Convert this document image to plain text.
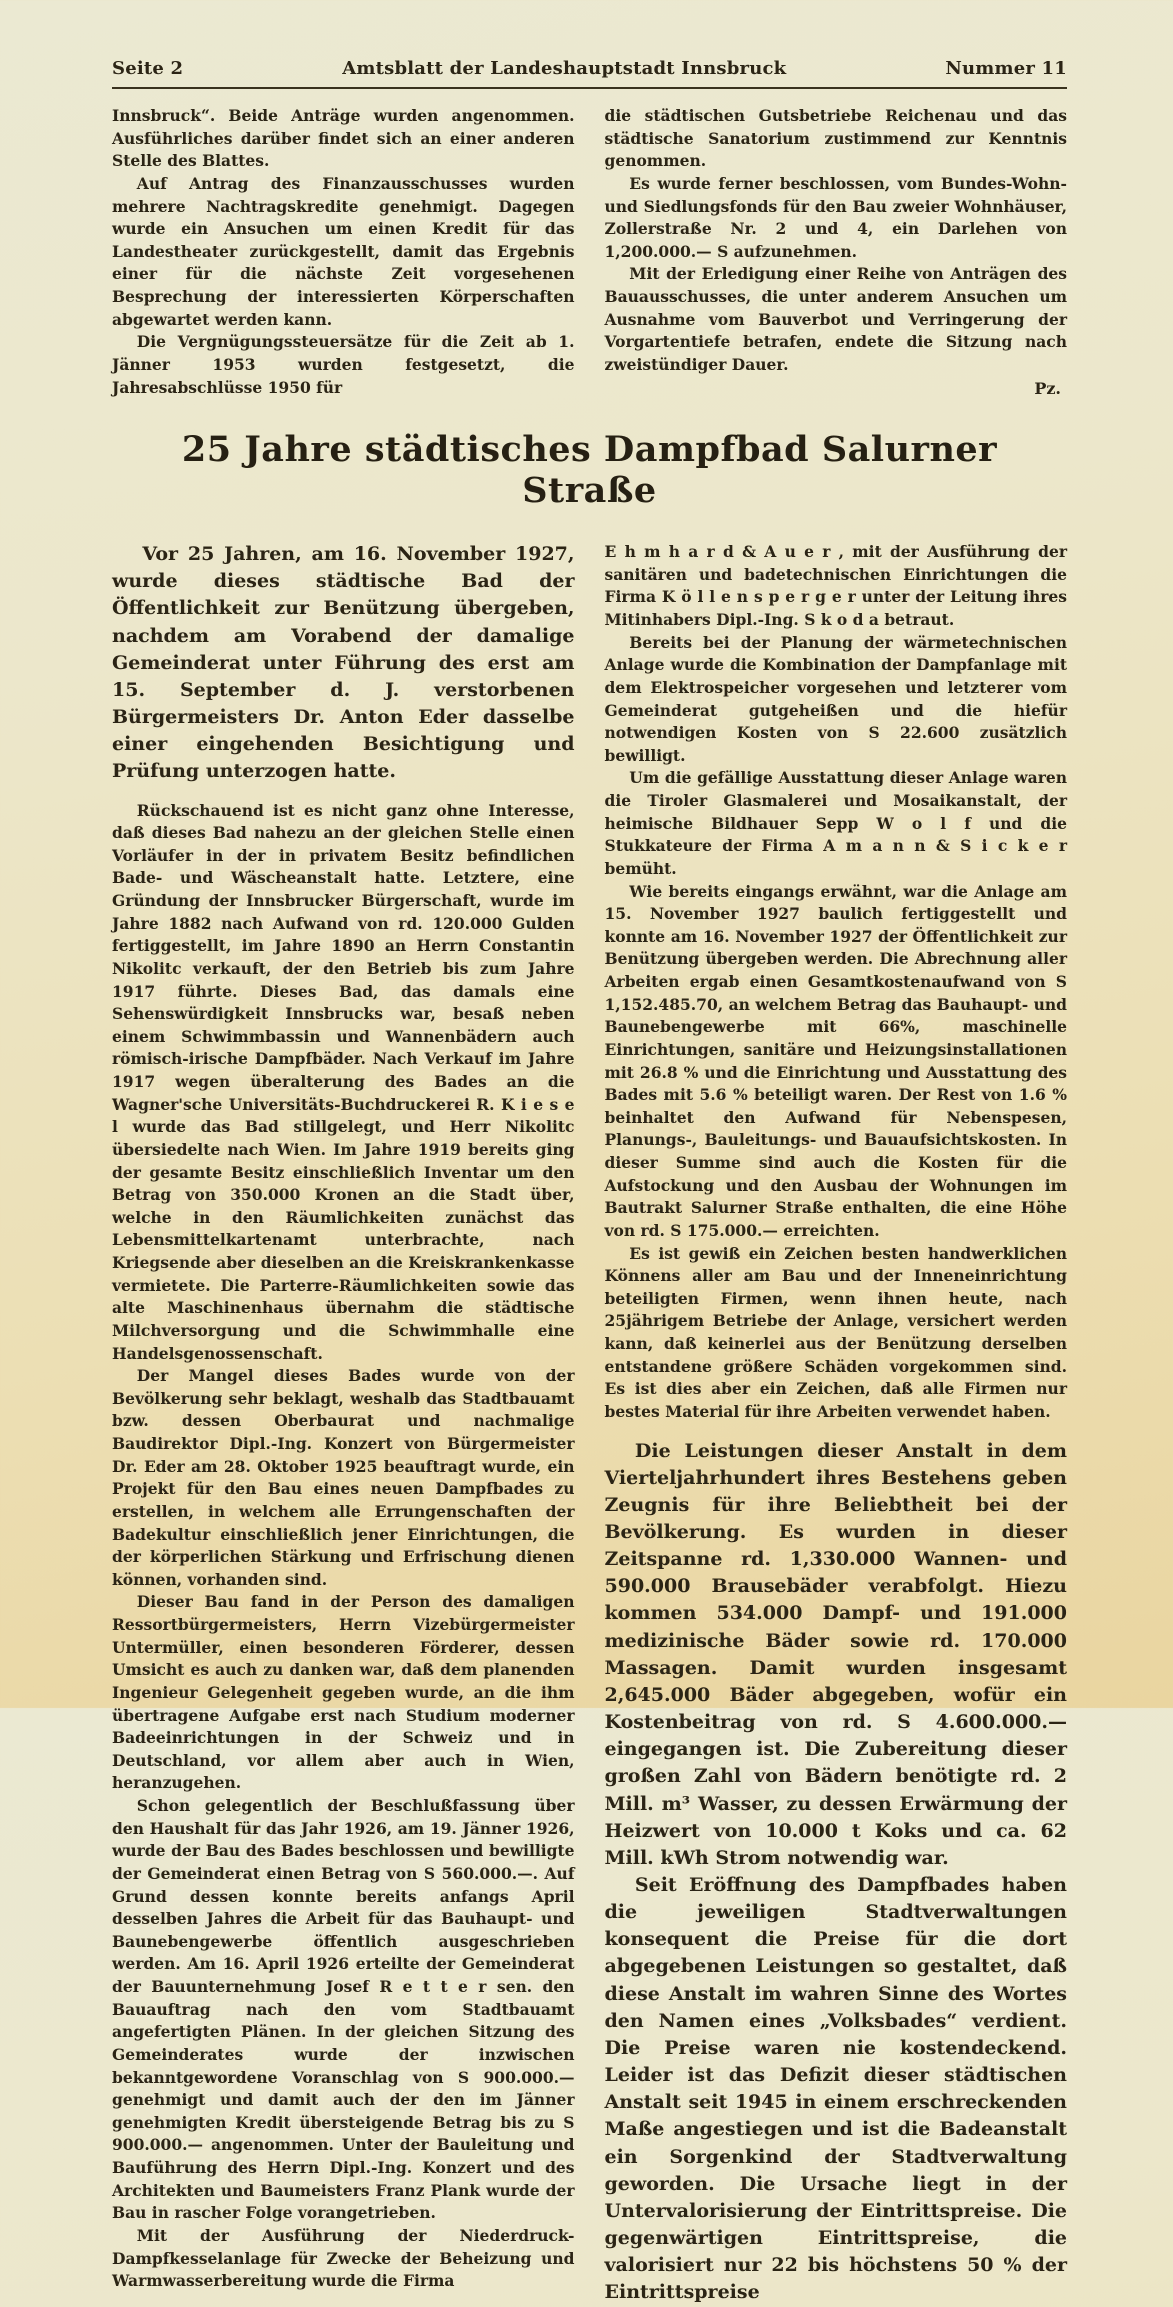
Seite 2	Amtsblatt der Landeshauptstadt Innsbruck	Nummer 11

Innsbruck“. Beide Anträge wurden angenommen. Ausführliches darüber findet sich an einer anderen Stelle des Blattes.

Auf Antrag des Finanzausschusses wurden mehrere Nachtragskredite genehmigt. Dagegen wurde ein Ansuchen um einen Kredit für das Landestheater zurückgestellt, damit das Ergebnis einer für die nächste Zeit vorgesehenen Besprechung der interessierten Körperschaften abgewartet werden kann.

Die Vergnügungssteuersätze für die Zeit ab 1. Jänner 1953 wurden festgesetzt, die Jahresabschlüsse 1950 für

die städtischen Gutsbetriebe Reichenau und das städtische Sanatorium zustimmend zur Kenntnis genommen.

Es wurde ferner beschlossen, vom Bundes-Wohn- und Siedlungsfonds für den Bau zweier Wohnhäuser, Zollerstraße Nr. 2 und 4, ein Darlehen von 1,200.000.— S aufzunehmen.

Mit der Erledigung einer Reihe von Anträgen des Bauausschusses, die unter anderem Ansuchen um Ausnahme vom Bauverbot und Verringerung der Vorgartentiefe betrafen, endete die Sitzung nach zweistündiger Dauer.

Pz.
25 Jahre städtisches Dampfbad Salurner Straße

Vor 25 Jahren, am 16. November 1927, wurde dieses städtische Bad der Öffentlichkeit zur Benützung übergeben, nachdem am Vorabend der damalige Gemeinderat unter Führung des erst am 15. September d. J. verstorbenen Bürgermeisters Dr. Anton Eder dasselbe einer eingehenden Besichtigung und Prüfung unterzogen hatte.

Rückschauend ist es nicht ganz ohne Interesse, daß dieses Bad nahezu an der gleichen Stelle einen Vorläufer in der in privatem Besitz befindlichen Bade- und Wäscheanstalt hatte. Letztere, eine Gründung der Innsbrucker Bürgerschaft, wurde im Jahre 1882 nach Aufwand von rd. 120.000 Gulden fertiggestellt, im Jahre 1890 an Herrn Constantin Nikolitc verkauft, der den Betrieb bis zum Jahre 1917 führte. Dieses Bad, das damals eine Sehenswürdigkeit Innsbrucks war, besaß neben einem Schwimmbassin und Wannenbädern auch römisch-irische Dampfbäder. Nach Verkauf im Jahre 1917 wegen überalterung des Bades an die Wagner'sche Universitäts-Buchdruckerei R. K i e s e l wurde das Bad stillgelegt, und Herr Nikolitc übersiedelte nach Wien. Im Jahre 1919 bereits ging der gesamte Besitz einschließlich Inventar um den Betrag von 350.000 Kronen an die Stadt über, welche in den Räumlichkeiten zunächst das Lebensmittelkartenamt unterbrachte, nach Kriegsende aber dieselben an die Kreiskrankenkasse vermietete. Die Parterre-Räumlichkeiten sowie das alte Maschinenhaus übernahm die städtische Milchversorgung und die Schwimmhalle eine Handelsgenossenschaft.

Der Mangel dieses Bades wurde von der Bevölkerung sehr beklagt, weshalb das Stadtbauamt bzw. dessen Oberbaurat und nachmalige Baudirektor Dipl.-Ing. Konzert von Bürgermeister Dr. Eder am 28. Oktober 1925 beauftragt wurde, ein Projekt für den Bau eines neuen Dampfbades zu erstellen, in welchem alle Errungenschaften der Badekultur einschließlich jener Einrichtungen, die der körperlichen Stärkung und Erfrischung dienen können, vorhanden sind.

Dieser Bau fand in der Person des damaligen Ressortbürgermeisters, Herrn Vizebürgermeister Untermüller, einen besonderen Förderer, dessen Umsicht es auch zu danken war, daß dem planenden Ingenieur Gelegenheit gegeben wurde, an die ihm übertragene Aufgabe erst nach Studium moderner Badeeinrichtungen in der Schweiz und in Deutschland, vor allem aber auch in Wien, heranzugehen.

Schon gelegentlich der Beschlußfassung über den Haushalt für das Jahr 1926, am 19. Jänner 1926, wurde der Bau des Bades beschlossen und bewilligte der Gemeinderat einen Betrag von S 560.000.—. Auf Grund dessen konnte bereits anfangs April desselben Jahres die Arbeit für das Bauhaupt- und Baunebengewerbe öffentlich ausgeschrieben werden. Am 16. April 1926 erteilte der Gemeinderat der Bauunternehmung Josef R e t t e r sen. den Bauauftrag nach den vom Stadtbauamt angefertigten Plänen. In der gleichen Sitzung des Gemeinderates wurde der inzwischen bekanntgewordene Voranschlag von S 900.000.— genehmigt und damit auch der den im Jänner genehmigten Kredit übersteigende Betrag bis zu S 900.000.— angenommen. Unter der Bauleitung und Bauführung des Herrn Dipl.-Ing. Konzert und des Architekten und Baumeisters Franz Plank wurde der Bau in rascher Folge vorangetrieben.

Mit der Ausführung der Niederdruck-Dampfkesselanlage für Zwecke der Beheizung und Warmwasserbereitung wurde die Firma

E h m h a r d & A u e r , mit der Ausführung der sanitären und badetechnischen Einrichtungen die Firma K ö l l e n s p e r g e r unter der Leitung ihres Mitinhabers Dipl.-Ing. S k o d a betraut.

Bereits bei der Planung der wärmetechnischen Anlage wurde die Kombination der Dampfanlage mit dem Elektrospeicher vorgesehen und letzterer vom Gemeinderat gutgeheißen und die hiefür notwendigen Kosten von S 22.600 zusätzlich bewilligt.

Um die gefällige Ausstattung dieser Anlage waren die Tiroler Glasmalerei und Mosaikanstalt, der heimische Bildhauer Sepp W o l f und die Stukkateure der Firma A m a n n & S i c k e r bemüht.

Wie bereits eingangs erwähnt, war die Anlage am 15. November 1927 baulich fertiggestellt und konnte am 16. November 1927 der Öffentlichkeit zur Benützung übergeben werden. Die Abrechnung aller Arbeiten ergab einen Gesamtkostenaufwand von S 1,152.485.70, an welchem Betrag das Bauhaupt- und Baunebengewerbe mit 66%, maschinelle Einrichtungen, sanitäre und Heizungsinstallationen mit 26.8 % und die Einrichtung und Ausstattung des Bades mit 5.6 % beteiligt waren. Der Rest von 1.6 % beinhaltet den Aufwand für Nebenspesen, Planungs-, Bauleitungs- und Bauaufsichtskosten. In dieser Summe sind auch die Kosten für die Aufstockung und den Ausbau der Wohnungen im Bautrakt Salurner Straße enthalten, die eine Höhe von rd. S 175.000.— erreichten.

Es ist gewiß ein Zeichen besten handwerklichen Könnens aller am Bau und der Inneneinrichtung beteiligten Firmen, wenn ihnen heute, nach 25jährigem Betriebe der Anlage, versichert werden kann, daß keinerlei aus der Benützung derselben entstandene größere Schäden vorgekommen sind. Es ist dies aber ein Zeichen, daß alle Firmen nur bestes Material für ihre Arbeiten verwendet haben.

Die Leistungen dieser Anstalt in dem Vierteljahrhundert ihres Bestehens geben Zeugnis für ihre Beliebtheit bei der Bevölkerung. Es wurden in dieser Zeitspanne rd. 1,330.000 Wannen- und 590.000 Brausebäder verabfolgt. Hiezu kommen 534.000 Dampf- und 191.000 medizinische Bäder sowie rd. 170.000 Massagen. Damit wurden insgesamt 2,645.000 Bäder abgegeben, wofür ein Kostenbeitrag von rd. S 4.600.000.— eingegangen ist. Die Zubereitung dieser großen Zahl von Bädern benötigte rd. 2 Mill. m³ Wasser, zu dessen Erwärmung der Heizwert von 10.000 t Koks und ca. 62 Mill. kWh Strom notwendig war.

Seit Eröffnung des Dampfbades haben die jeweiligen Stadtverwaltungen konsequent die Preise für die dort abgegebenen Leistungen so gestaltet, daß diese Anstalt im wahren Sinne des Wortes den Namen eines „Volksbades“ verdient. Die Preise waren nie kostendeckend. Leider ist das Defizit dieser städtischen Anstalt seit 1945 in einem erschreckenden Maße angestiegen und ist die Badeanstalt ein Sorgenkind der Stadtverwaltung geworden. Die Ursache liegt in der Untervalorisierung der Eintrittspreise. Die gegenwärtigen Eintrittspreise, die valorisiert nur 22 bis höchstens 50 % der Eintrittspreise
